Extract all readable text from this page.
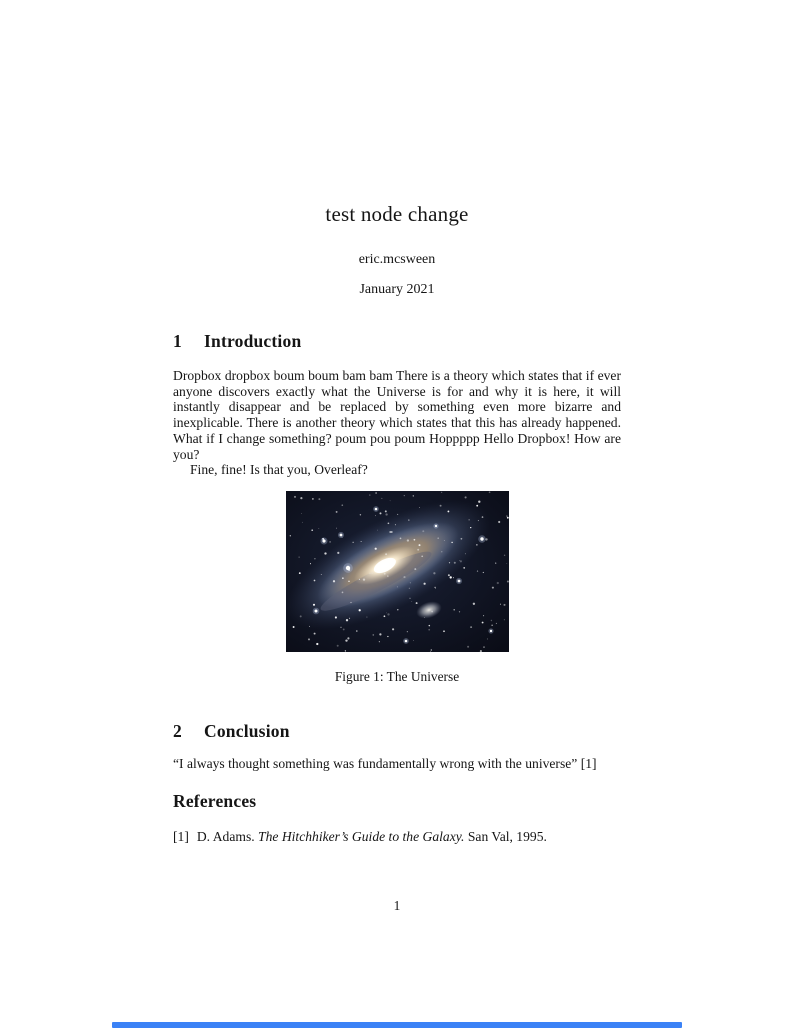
test node change
eric.mcsween
January 2021
1 Introduction

Dropbox dropbox boum boum bam bam There is a theory which states that if ever anyone discovers exactly what the Universe is for and why it is here, it will instantly disappear and be replaced by something even more bizarre and inexplicable. There is another theory which states that this has already happened. What if I change something? poum pou poum Hoppppp Hello Dropbox! How are you?

Fine, fine! Is that you, Overleaf?

Figure 1: The Universe
2 Conclusion
“I always thought something was fundamentally wrong with the universe” [1]
References
[1] D. Adams. The Hitchhiker’s Guide to the Galaxy. San Val, 1995.
1
